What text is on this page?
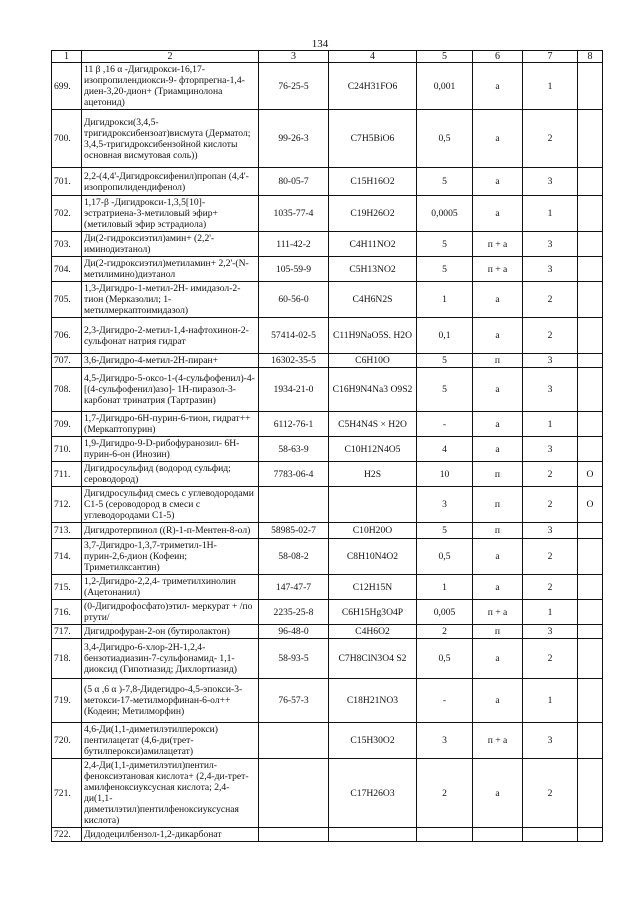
134
1	2	3	4	5	6	7	8
699.	11 β ,16 α -Дигидрокси-16,17-изопропилендиокси-9- фторпрегна-1,4-диен-3,20-дион+ (Триамцинолона ацетонид)	76-25-5	C24H31FO6	0,001	а	1	
700.	Дигидрокси(3,4,5-тригидроксибензоат)висмута (Дерматол; 3,4,5-тригидроксибензойной кислоты основная висмутовая соль))	99-26-3	C7H5BiO6	0,5	а	2	
701.	2,2-(4,4'-Дигидроксифенил)пропан (4,4'-изопропилидендифенол)	80-05-7	C15H16O2	5	а	3	
702.	1,17-β -Дигидрокси-1,3,5[10]-эстратриена-3-метиловый эфир+ (метиловый эфир эстрадиола)	1035-77-4	C19H26O2	0,0005	а	1	
703.	Ди(2-гидроксиэтил)амин+ (2,2'-иминодиэтанол)	111-42-2	C4H11NO2	5	п + а	3	
704.	Ди(2-гидроксиэтил)метиламин+ 2,2'-(N-метилимино)диэтанол	105-59-9	C5H13NO2	5	п + а	3	
705.	1,3-Дигидро-1-метил-2Н- имидазол-2-тион (Мерказолил; 1-метилмеркаптоимидазол)	60-56-0	C4H6N2S	1	а	2	
706.	2,3-Дигидро-2-метил-1,4-нафтохинон-2-сульфонат натрия гидрат	57414-02-5	C11H9NaO5S. H2O	0,1	а	2	
707.	3,6-Дигидро-4-метил-2Н-пиран+	16302-35-5	C6H10O	5	п	3	
708.	4,5-Дигидро-5-оксо-1-(4-сульфофенил)-4-[(4-сульфофенил)азо]- 1Н-пиразол-3-карбонат тринатрия (Тартразин)	1934-21-0	C16H9N4Na3 O9S2	5	а	3	
709.	1,7-Дигидро-6Н-пурин-6-тион, гидрат++ (Меркаптопурин)	6112-76-1	C5H4N4S × H2O	-	а	1	
710.	1,9-Дигидро-9-D-рибофуранозил- 6Н-пурин-6-он (Инозин)	58-63-9	C10H12N4O5	4	а	3	
711.	Дигидросульфид (водород сульфид; сероводород)	7783-06-4	H2S	10	п	2	О
712.	Дигидросульфид смесь с углеводородами С1-5 (сероводород в смеси с углеводородами С1-5)			3	п	2	О
713.	Дигидротерпинол ((R)-1-п-Ментен-8-ол)	58985-02-7	C10H20O	5	п	3	
714.	3,7-Дигидро-1,3,7-триметил-1Н-пурин-2,6-дион (Кофеин; Триметилксантин)	58-08-2	C8H10N4O2	0,5	а	2	
715.	1,2-Дигидро-2,2,4- триметилхинолин (Ацетонанил)	147-47-7	C12H15N	1	а	2	
716.	(0-Дигидрофосфато)этил- меркурат + /по ртути/	2235-25-8	C6H15Hg3O4P	0,005	п + а	1	
717.	Дигидрофуран-2-он (бутиролактон)	96-48-0	C4H6O2	2	п	3	
718.	3,4-Дигидро-6-хлор-2Н-1,2,4-бензотиадиазин-7-сульфонамид- 1,1-диоксид (Гипотиазид; Дихлортиазид)	58-93-5	C7H8ClN3O4 S2	0,5	а	2	
719.	(5 α ,6 α )-7,8-Дидегидро-4,5-эпокси-3-метокси-17-метилморфинан-6-ол++ (Кодеин; Метилморфин)	76-57-3	C18H21NO3	-	а	1	
720.	4,6-Ди(1,1-диметилэтилперокси) пентилацетат (4,6-ди(трет-бутилперокси)амилацетат)		C15H30O2	3	п + а	3	
721.	2,4-Ди(1,1-диметилэтил)пентил-феноксиэтановая кислота+ (2,4-ди-трет-амилфеноксиуксусная кислота; 2,4-ди(1,1-диметилэтил)пентилфеноксиуксусная кислота)		C17H26O3	2	а	2	
722.	Дидодецилбензол-1,2-дикарбонат						
